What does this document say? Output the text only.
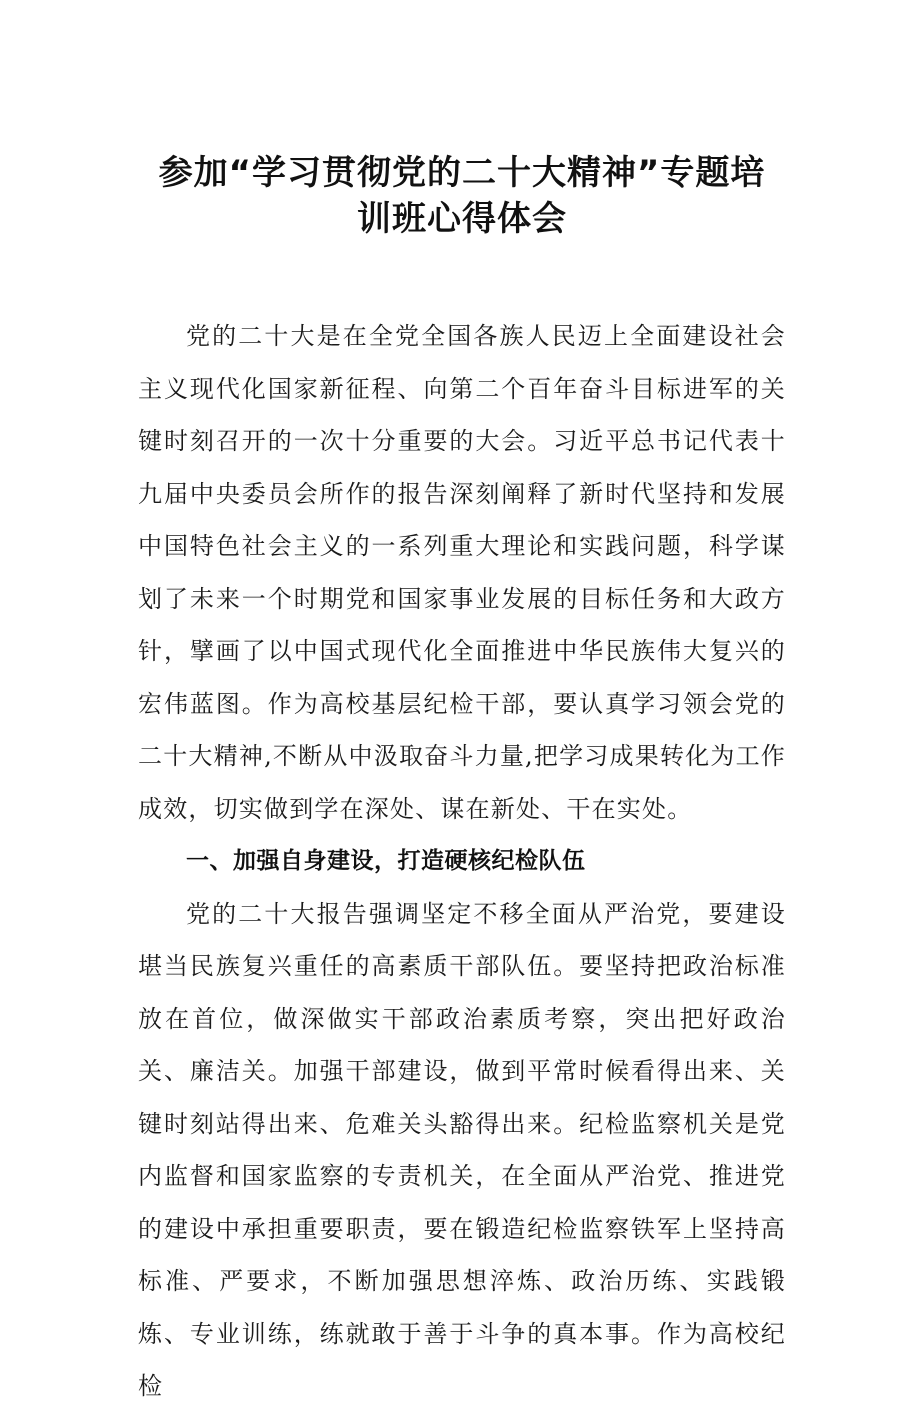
参加“学习贯彻党的二十大精神”专题培
训班心得体会

党的二十大是在全党全国各族人民迈上全面建设社会主义现代化国家新征程、向第二个百年奋斗目标进军的关键时刻召开的一次十分重要的大会。习近平总书记代表十九届中央委员会所作的报告深刻阐释了新时代坚持和发展中国特色社会主义的一系列重大理论和实践问题，科学谋划了未来一个时期党和国家事业发展的目标任务和大政方针，擘画了以中国式现代化全面推进中华民族伟大复兴的宏伟蓝图。作为高校基层纪检干部，要认真学习领会党的二十大精神,不断从中汲取奋斗力量,把学习成果转化为工作成效，切实做到学在深处、谋在新处、干在实处。

一、加强自身建设，打造硬核纪检队伍

党的二十大报告强调坚定不移全面从严治党，要建设堪当民族复兴重任的高素质干部队伍。要坚持把政治标准放在首位，做深做实干部政治素质考察，突出把好政治关、廉洁关。加强干部建设，做到平常时候看得出来、关键时刻站得出来、危难关头豁得出来。纪检监察机关是党内监督和国家监察的专责机关，在全面从严治党、推进党的建设中承担重要职责，要在锻造纪检监察铁军上坚持高标准、严要求，不断加强思想淬炼、政治历练、实践锻炼、专业训练，练就敢于善于斗争的真本事。作为高校纪检
